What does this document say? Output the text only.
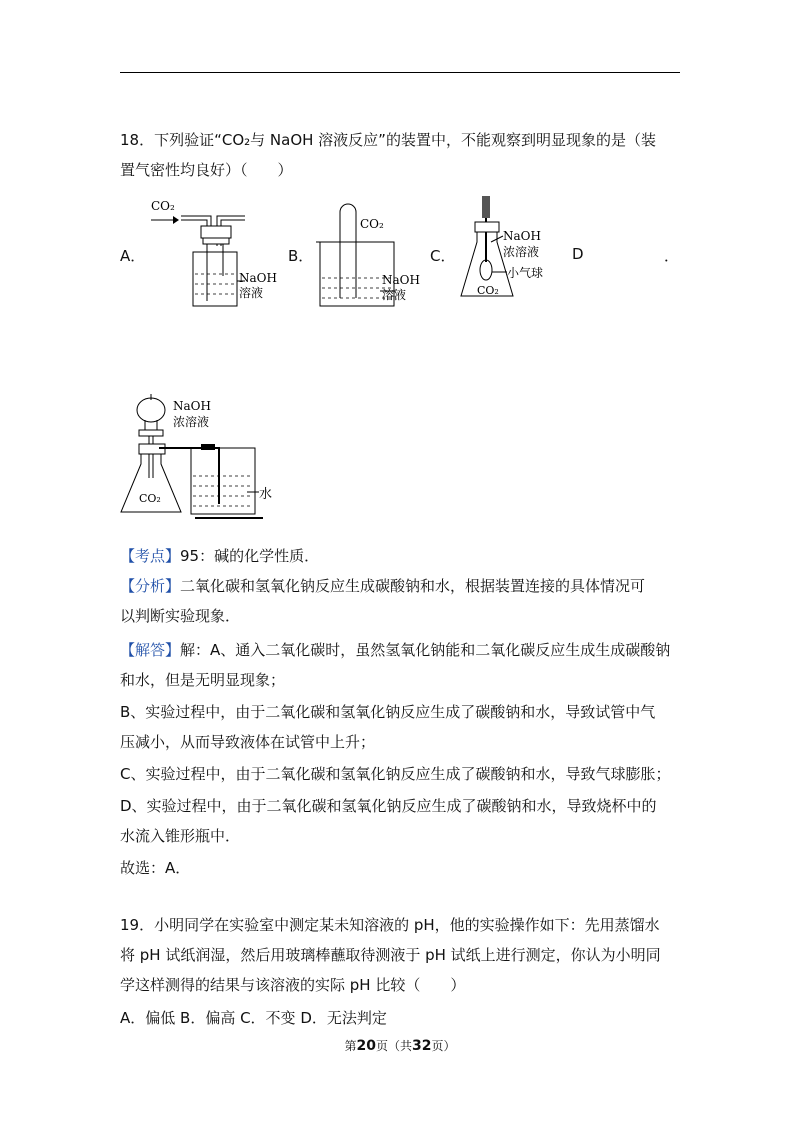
18．下列验证“CO₂与 NaOH 溶液反应”的装置中，不能观察到明显现象的是（装
置气密性均良好）（　　）
A．	B．	C．	D	．
CO₂
NaOH
溶液
CO₂
NaOH
溶液
NaOH
浓溶液
小气球
CO₂
NaOH
浓溶液
CO₂	水
【考点】95：碱的化学性质．
【分析】二氧化碳和氢氧化钠反应生成碳酸钠和水，根据装置连接的具体情况可
以判断实验现象．
【解答】解：A、通入二氧化碳时，虽然氢氧化钠能和二氧化碳反应生成生成碳酸钠
和水，但是无明显现象；
B、实验过程中，由于二氧化碳和氢氧化钠反应生成了碳酸钠和水，导致试管中气
压减小，从而导致液体在试管中上升；
C、实验过程中，由于二氧化碳和氢氧化钠反应生成了碳酸钠和水，导致气球膨胀；
D、实验过程中，由于二氧化碳和氢氧化钠反应生成了碳酸钠和水，导致烧杯中的
水流入锥形瓶中．
故选：A．
19．小明同学在实验室中测定某未知溶液的 pH，他的实验操作如下：先用蒸馏水
将 pH 试纸润湿，然后用玻璃棒蘸取待测液于 pH 试纸上进行测定，你认为小明同
学这样测得的结果与该溶液的实际 pH 比较（　　）
A．偏低 B．偏高 C．不变 D．无法判定
第20页（共32页）
